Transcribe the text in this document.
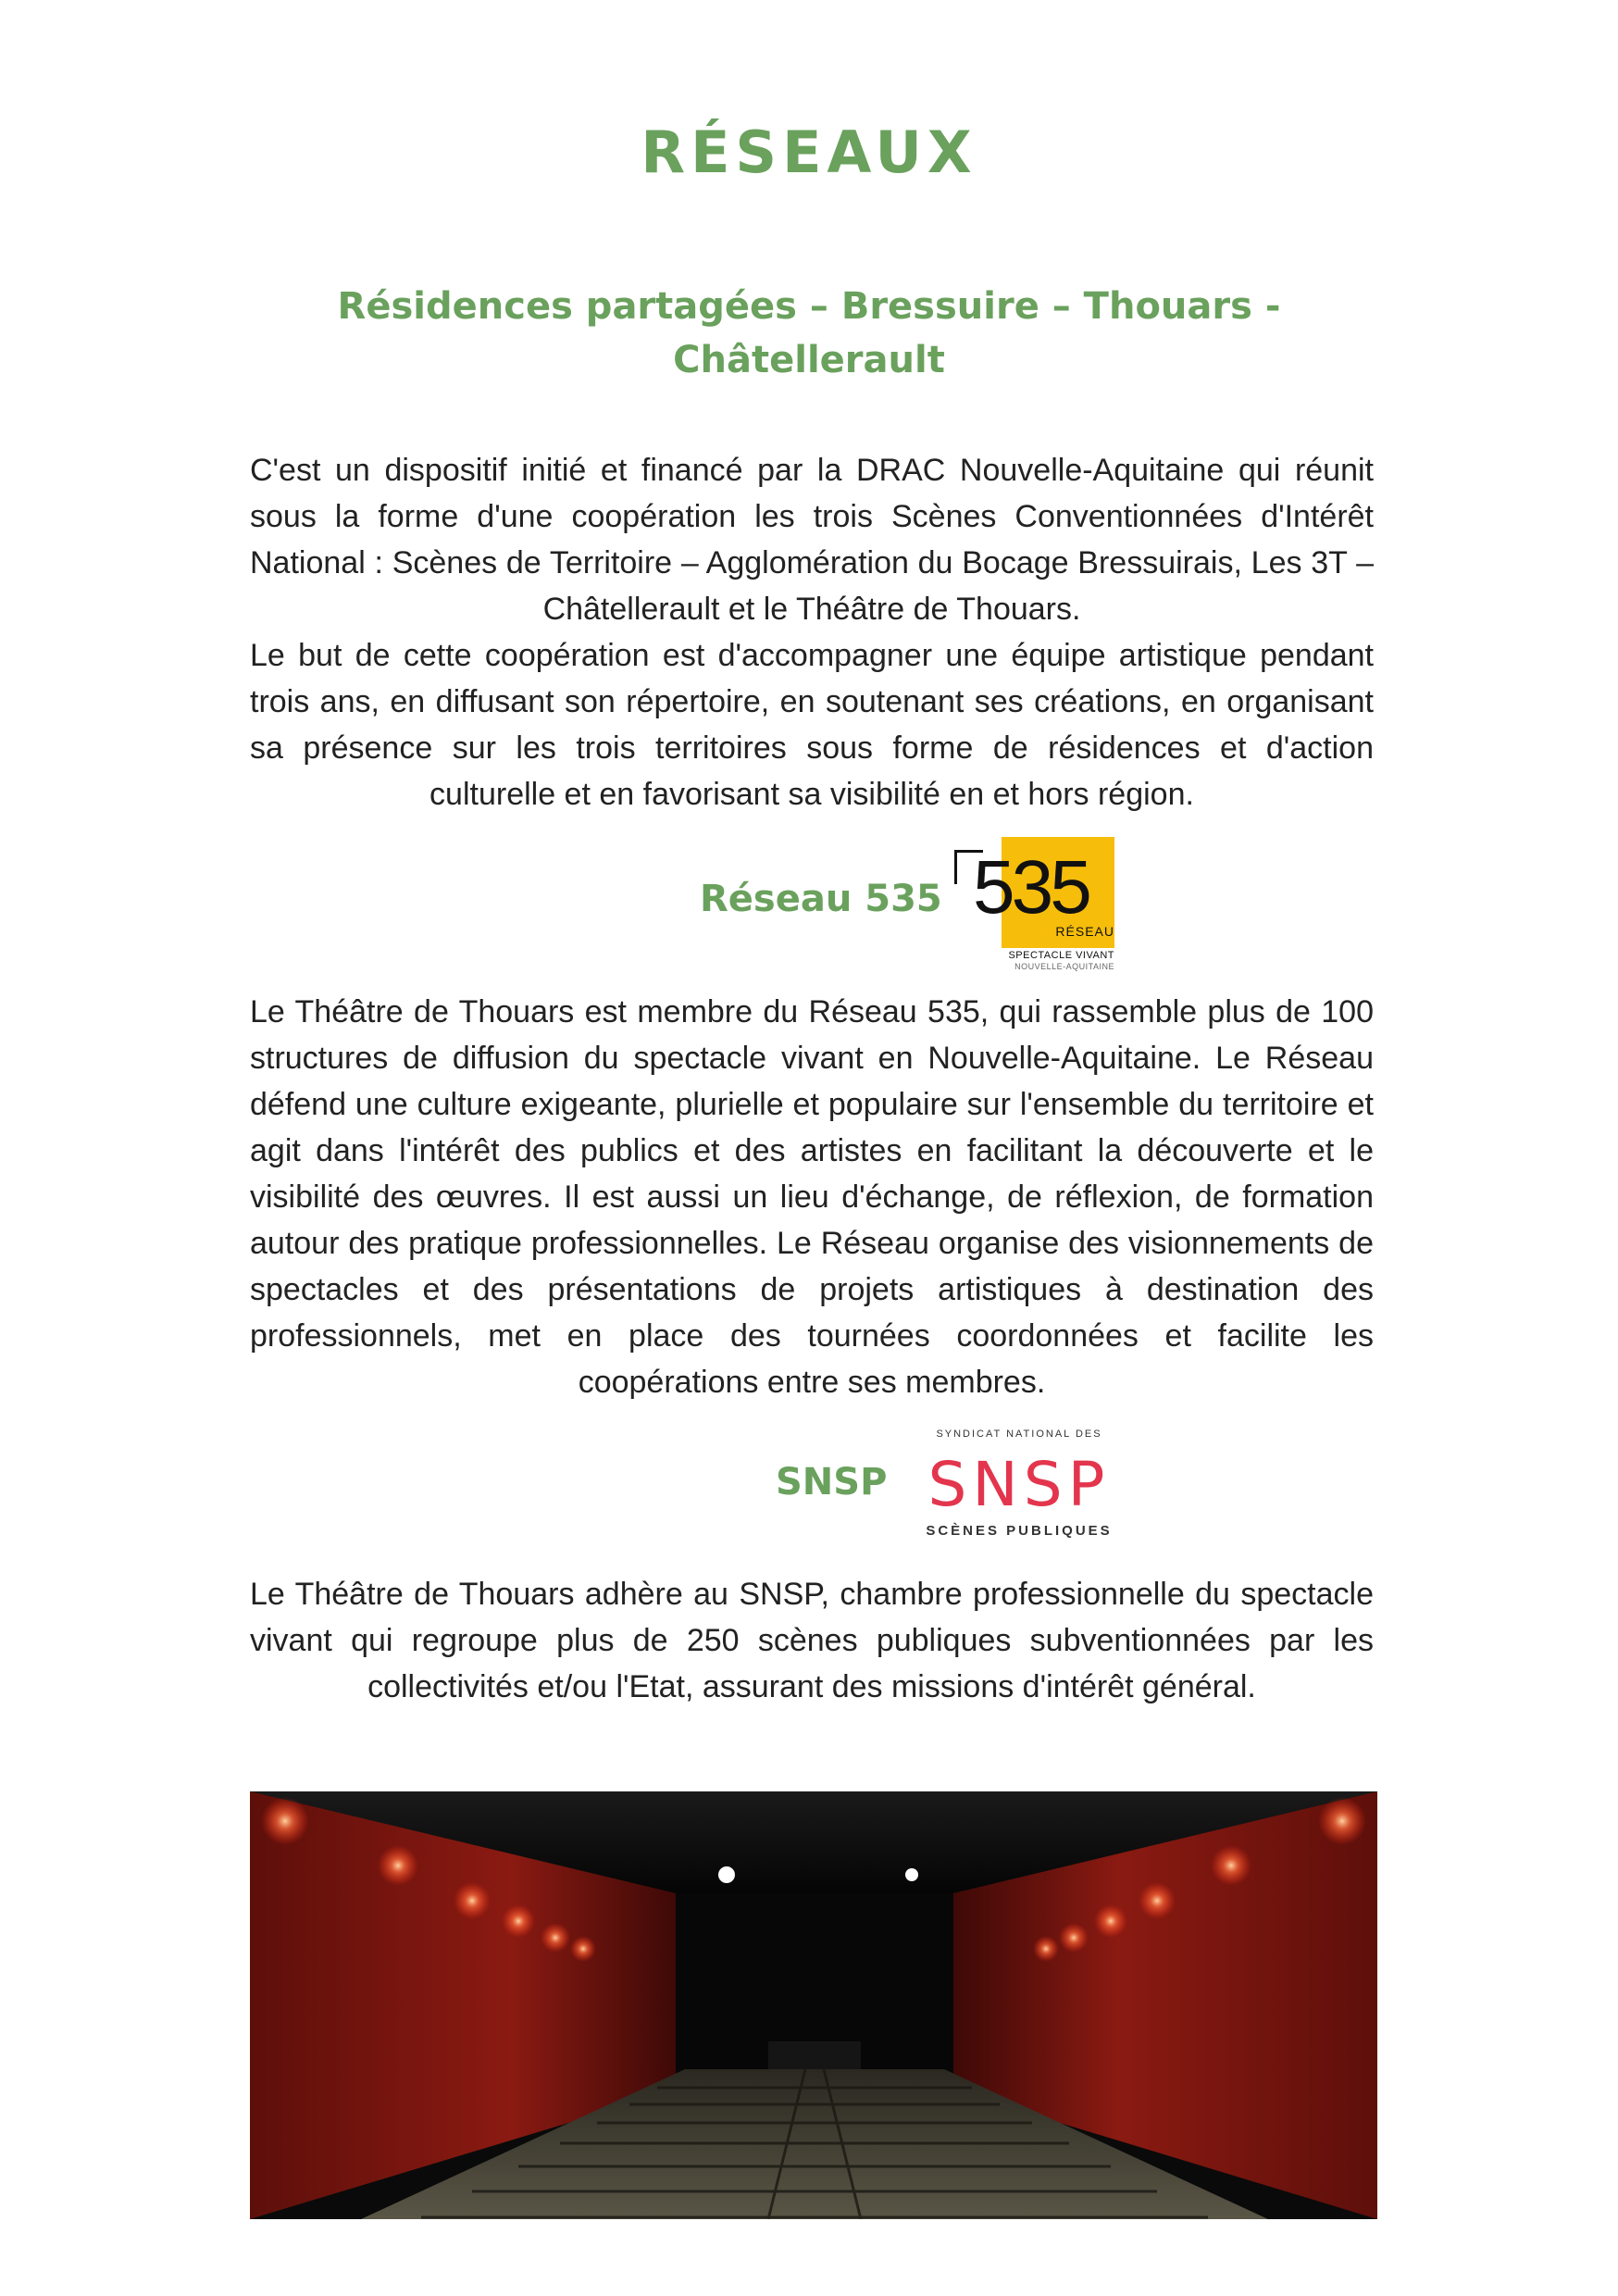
RÉSEAUX
Résidences partagées – Bressuire – Thouars - Châtellerault

C'est un dispositif initié et financé par la DRAC Nouvelle-Aquitaine qui réunit sous la forme d'une coopération les trois Scènes Conventionnées d'Intérêt National : Scènes de Territoire – Agglomération du Bocage Bressuirais, Les 3T – Châtellerault et le Théâtre de Thouars.

Le but de cette coopération est d'accompagner une équipe artistique pendant trois ans, en diffusant son répertoire, en soutenant ses créations, en organisant sa présence sur les trois territoires sous forme de résidences et d'action culturelle et en favorisant sa visibilité en et hors région.

Réseau 535 535
RÉSEAU
SPECTACLE VIVANT
NOUVELLE-AQUITAINE

Le Théâtre de Thouars est membre du Réseau 535, qui rassemble plus de 100 structures de diffusion du spectacle vivant en Nouvelle-Aquitaine. Le Réseau défend une culture exigeante, plurielle et populaire sur l'ensemble du territoire et agit dans l'intérêt des publics et des artistes en facilitant la découverte et le visibilité des œuvres. Il est aussi un lieu d'échange, de réflexion, de formation autour des pratique professionnelles. Le Réseau organise des visionnements de spectacles et des présentations de projets artistiques à destination des professionnels, met en place des tournées coordonnées et facilite les coopérations entre ses membres.

SNSP
SYNDICAT NATIONAL DES
SNSP
SCÈNES PUBLIQUES

Le Théâtre de Thouars adhère au SNSP, chambre professionnelle du spectacle vivant qui regroupe plus de 250 scènes publiques subventionnées par les collectivités et/ou l'Etat, assurant des missions d'intérêt général.
